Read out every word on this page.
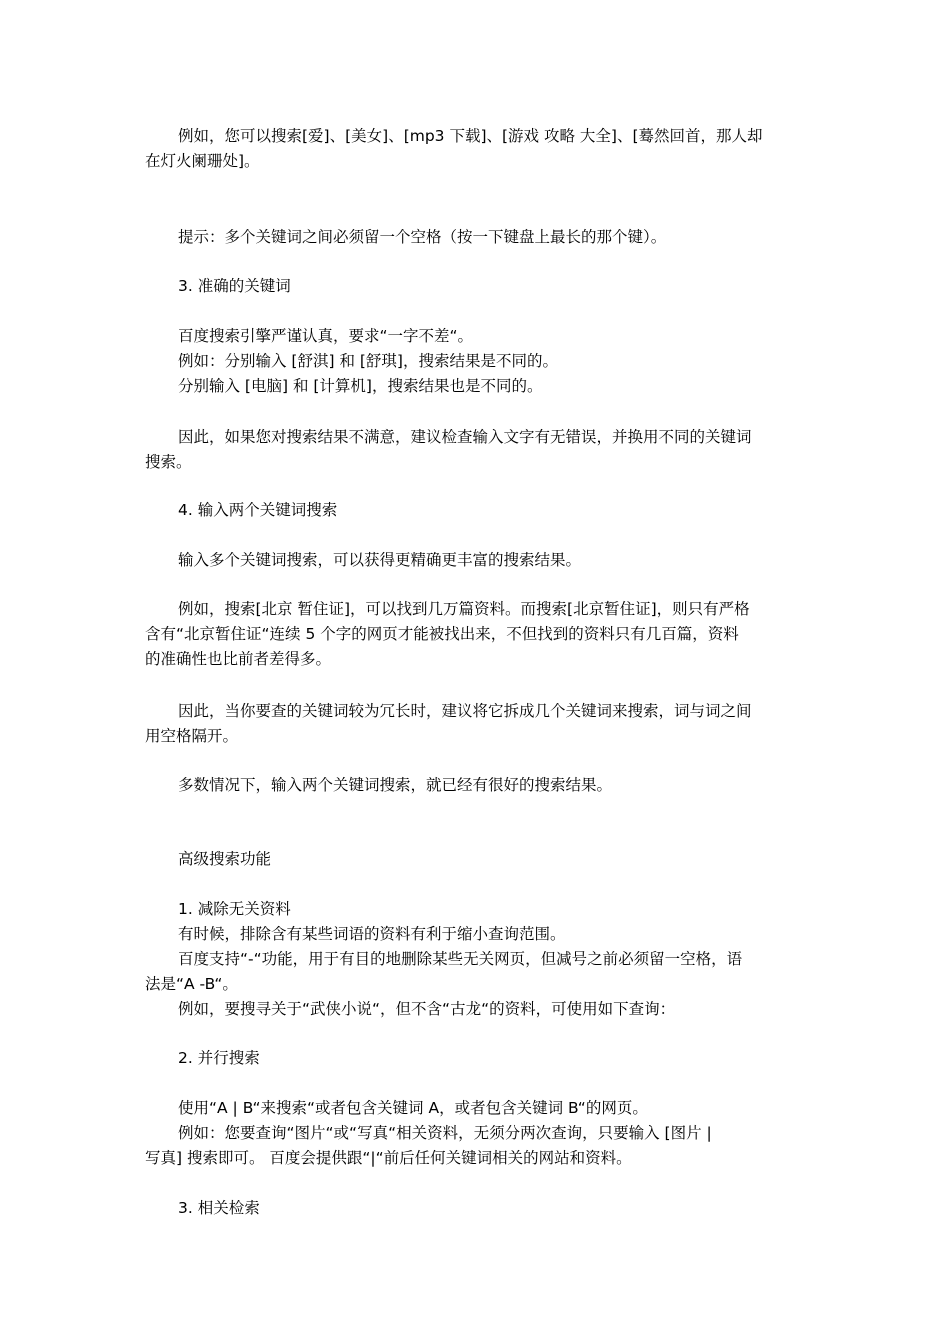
例如，您可以搜索[爱]、[美女]、[mp3 下载]、[游戏 攻略 大全]、[蓦然回首，那人却
在灯火阑珊处]。
提示：多个关键词之间必须留一个空格（按一下键盘上最长的那个键）。
3. 准确的关键词
百度搜索引擎严谨认真，要求“一字不差“。
例如：分别输入 [舒淇] 和 [舒琪]，搜索结果是不同的。
分别输入 [电脑] 和 [计算机]，搜索结果也是不同的。
因此，如果您对搜索结果不满意，建议检查输入文字有无错误，并换用不同的关键词
搜索。
4. 输入两个关键词搜索
输入多个关键词搜索，可以获得更精确更丰富的搜索结果。
例如，搜索[北京 暂住证]，可以找到几万篇资料。而搜索[北京暂住证]，则只有严格
含有“北京暂住证“连续 5 个字的网页才能被找出来，不但找到的资料只有几百篇，资料
的准确性也比前者差得多。
因此，当你要查的关键词较为冗长时，建议将它拆成几个关键词来搜索，词与词之间
用空格隔开。
多数情况下，输入两个关键词搜索，就已经有很好的搜索结果。
高级搜索功能
1. 减除无关资料
有时候，排除含有某些词语的资料有利于缩小查询范围。
百度支持“-“功能，用于有目的地删除某些无关网页，但减号之前必须留一空格，语
法是“A -B“。
例如，要搜寻关于“武侠小说“，但不含“古龙“的资料，可使用如下查询：
2. 并行搜索
使用“A | B“来搜索“或者包含关键词 A，或者包含关键词 B“的网页。
例如：您要查询“图片“或“写真“相关资料，无须分两次查询，只要输入 [图片 |
写真] 搜索即可。 百度会提供跟“|“前后任何关键词相关的网站和资料。
3. 相关检索
